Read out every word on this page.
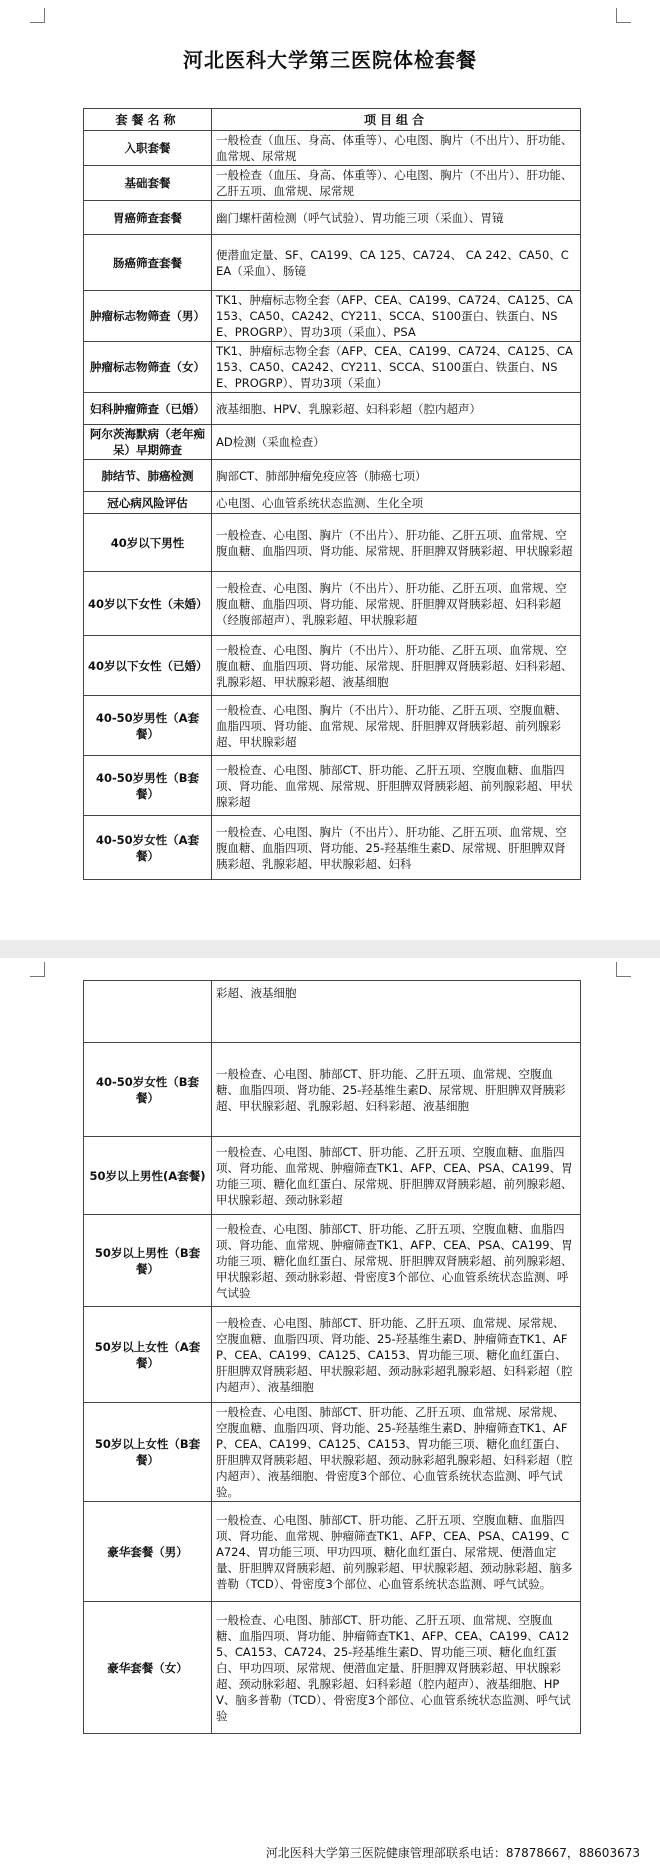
河北医科大学第三医院体检套餐
套餐名称	项目组合
入职套餐	一般检查（血压、身高、体重等）、心电图、胸片（不出片）、肝功能、血常规、尿常规
基础套餐	一般检查（血压、身高、体重等）、心电图、胸片（不出片）、肝功能、乙肝五项、血常规、尿常规
胃癌筛查套餐	幽门螺杆菌检测（呼气试验）、胃功能三项（采血）、胃镜
肠癌筛查套餐	便潜血定量、SF、CA199、CA 125、CA724、 CA 242、CA50、CEA（采血）、肠镜
肿瘤标志物筛查（男）	TK1、肿瘤标志物全套（AFP、CEA、CA199、CA724、CA125、CA153、CA50、CA242、CY211、SCCA、S100蛋白、铁蛋白、NSE、PROGRP）、胃功3项（采血）、PSA
肿瘤标志物筛查（女）	TK1、肿瘤标志物全套（AFP、CEA、CA199、CA724、CA125、CA153、CA50、CA242、CY211、SCCA、S100蛋白、铁蛋白、NSE、PROGRP）、胃功3项（采血）
妇科肿瘤筛查（已婚）	液基细胞、HPV、乳腺彩超、妇科彩超（腔内超声）
阿尔茨海默病（老年痴呆）早期筛查	AD检测（采血检查）
肺结节、肺癌检测	胸部CT、肺部肿瘤免疫应答（肺癌七项）
冠心病风险评估	心电图、心血管系统状态监测、生化全项
40岁以下男性	一般检查、心电图、胸片（不出片）、肝功能、乙肝五项、血常规、空腹血糖、血脂四项、肾功能、尿常规、肝胆脾双肾胰彩超、甲状腺彩超
40岁以下女性（未婚）	一般检查、心电图、胸片（不出片）、肝功能、乙肝五项、血常规、空腹血糖、血脂四项、肾功能、尿常规、肝胆脾双肾胰彩超、妇科彩超（经腹部超声）、乳腺彩超、甲状腺彩超
40岁以下女性（已婚）	一般检查、心电图、胸片（不出片）、肝功能、乙肝五项、血常规、空腹血糖、血脂四项、肾功能、尿常规、肝胆脾双肾胰彩超、妇科彩超、乳腺彩超、甲状腺彩超、液基细胞
40-50岁男性（A套餐）	一般检查、心电图、胸片（不出片）、肝功能、乙肝五项、空腹血糖、血脂四项、肾功能、血常规、尿常规、肝胆脾双肾胰彩超、前列腺彩超、甲状腺彩超
40-50岁男性（B套餐）	一般检查、心电图、肺部CT、肝功能、乙肝五项、空腹血糖、血脂四项、肾功能、血常规、尿常规、肝胆脾双肾胰彩超、前列腺彩超、甲状腺彩超
40-50岁女性（A套餐）	一般检查、心电图、胸片（不出片）、肝功能、乙肝五项、血常规、空腹血糖、血脂四项、肾功能、25-羟基维生素D、尿常规、肝胆脾双肾胰彩超、乳腺彩超、甲状腺彩超、妇科
	彩超、液基细胞
40-50岁女性（B套餐）	一般检查、心电图、肺部CT、肝功能、乙肝五项、血常规、空腹血糖、血脂四项、肾功能、25-羟基维生素D、尿常规、肝胆脾双肾胰彩超、甲状腺彩超、乳腺彩超、妇科彩超、液基细胞
50岁以上男性(A套餐)	一般检查、心电图、肺部CT、肝功能、乙肝五项、空腹血糖、血脂四项、肾功能、血常规、肿瘤筛查TK1、AFP、CEA、PSA、CA199、胃功能三项、糖化血红蛋白、尿常规、肝胆脾双肾胰彩超、前列腺彩超、甲状腺彩超、颈动脉彩超
50岁以上男性（B套餐）	一般检查、心电图、肺部CT、肝功能、乙肝五项、空腹血糖、血脂四项、肾功能、血常规、肿瘤筛查TK1、AFP、CEA、PSA、CA199、胃功能三项、糖化血红蛋白、尿常规、肝胆脾双肾胰彩超、前列腺彩超、甲状腺彩超、颈动脉彩超、骨密度3个部位、心血管系统状态监测、呼气试验
50岁以上女性（A套餐）	一般检查、心电图、肺部CT、肝功能、乙肝五项、血常规、尿常规、空腹血糖、血脂四项、肾功能、25-羟基维生素D、肿瘤筛查TK1、AFP、CEA、CA199、CA125、CA153、胃功能三项、糖化血红蛋白、肝胆脾双肾胰彩超、甲状腺彩超、颈动脉彩超乳腺彩超、妇科彩超（腔内超声）、液基细胞
50岁以上女性（B套餐）	一般检查、心电图、肺部CT、肝功能、乙肝五项、血常规、尿常规、空腹血糖、血脂四项、肾功能、25-羟基维生素D、肿瘤筛查TK1、AFP、CEA、CA199、CA125、CA153、胃功能三项、糖化血红蛋白、肝胆脾双肾胰彩超、甲状腺彩超、颈动脉彩超乳腺彩超、妇科彩超（腔内超声）、液基细胞、骨密度3个部位、心血管系统状态监测、呼气试验。
豪华套餐（男）	一般检查、心电图、肺部CT、肝功能、乙肝五项、空腹血糖、血脂四项、肾功能、血常规、肿瘤筛查TK1、AFP、CEA、PSA、CA199、CA724、胃功能三项、甲功四项、糖化血红蛋白、尿常规、便潜血定量、肝胆脾双肾胰彩超、前列腺彩超、甲状腺彩超、颈动脉彩超、脑多普勒（TCD）、骨密度3个部位、心血管系统状态监测、呼气试验。
豪华套餐（女）	一般检查、心电图、肺部CT、肝功能、乙肝五项、血常规、空腹血糖、血脂四项、肾功能、肿瘤筛查TK1、AFP、CEA、CA199、CA125、CA153、CA724、25-羟基维生素D、胃功能三项、糖化血红蛋白、甲功四项、尿常规、便潜血定量、肝胆脾双肾胰彩超、甲状腺彩超、颈动脉彩超、乳腺彩超、妇科彩超（腔内超声）、液基细胞、HPV、脑多普勒（TCD）、骨密度3个部位、心血管系统状态监测、呼气试验
河北医科大学第三医院健康管理部联系电话：87878667，88603673
